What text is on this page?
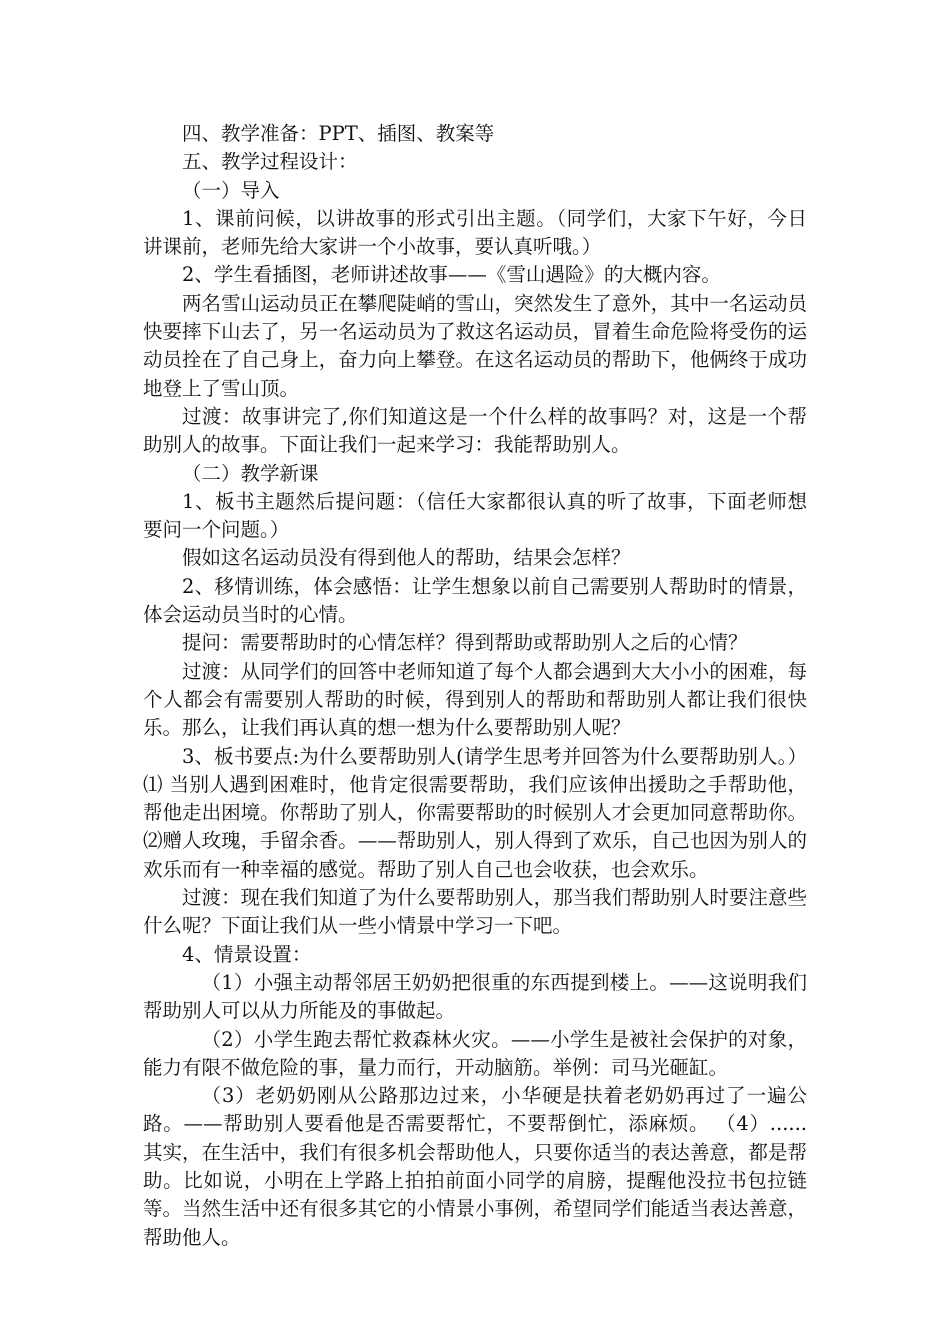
四、教学准备：PPT、插图、教案等

五、教学过程设计：

（一）导入

1、课前问候，以讲故事的形式引出主题。（同学们，大家下午好，今日讲课前，老师先给大家讲一个小故事，要认真听哦。）

2、学生看插图，老师讲述故事——《雪山遇险》的大概内容。

两名雪山运动员正在攀爬陡峭的雪山，突然发生了意外，其中一名运动员快要摔下山去了，另一名运动员为了救这名运动员，冒着生命危险将受伤的运动员拴在了自己身上，奋力向上攀登。在这名运动员的帮助下，他俩终于成功地登上了雪山顶。

过渡：故事讲完了,你们知道这是一个什么样的故事吗？对，这是一个帮助别人的故事。下面让我们一起来学习：我能帮助别人。

（二）教学新课

1、板书主题然后提问题：（信任大家都很认真的听了故事，下面老师想要问一个问题。）

假如这名运动员没有得到他人的帮助，结果会怎样？

2、移情训练，体会感悟：让学生想象以前自己需要别人帮助时的情景，体会运动员当时的心情。

提问：需要帮助时的心情怎样？得到帮助或帮助别人之后的心情？

过渡：从同学们的回答中老师知道了每个人都会遇到大大小小的困难，每个人都会有需要别人帮助的时候，得到别人的帮助和帮助别人都让我们很快乐。那么，让我们再认真的想一想为什么要帮助别人呢？

3、板书要点:为什么要帮助别人(请学生思考并回答为什么要帮助别人。） ⑴ 当别人遇到困难时，他肯定很需要帮助，我们应该伸出援助之手帮助他，帮他走出困境。你帮助了别人，你需要帮助的时候别人才会更加同意帮助你。 ⑵赠人玫瑰，手留余香。——帮助别人，别人得到了欢乐，自己也因为别人的欢乐而有一种幸福的感觉。帮助了别人自己也会收获，也会欢乐。

过渡：现在我们知道了为什么要帮助别人，那当我们帮助别人时要注意些什么呢？下面让我们从一些小情景中学习一下吧。

4、情景设置：

（1）小强主动帮邻居王奶奶把很重的东西提到楼上。——这说明我们帮助别人可以从力所能及的事做起。

（2）小学生跑去帮忙救森林火灾。——小学生是被社会保护的对象，能力有限不做危险的事，量力而行，开动脑筋。举例：司马光砸缸。

（3）老奶奶刚从公路那边过来，小华硬是扶着老奶奶再过了一遍公路。——帮助别人要看他是否需要帮忙，不要帮倒忙，添麻烦。 （4）...... 其实，在生活中，我们有很多机会帮助他人，只要你适当的表达善意，都是帮助。比如说，小明在上学路上拍拍前面小同学的肩膀，提醒他没拉书包拉链等。当然生活中还有很多其它的小情景小事例，希望同学们能适当表达善意，帮助他人。
